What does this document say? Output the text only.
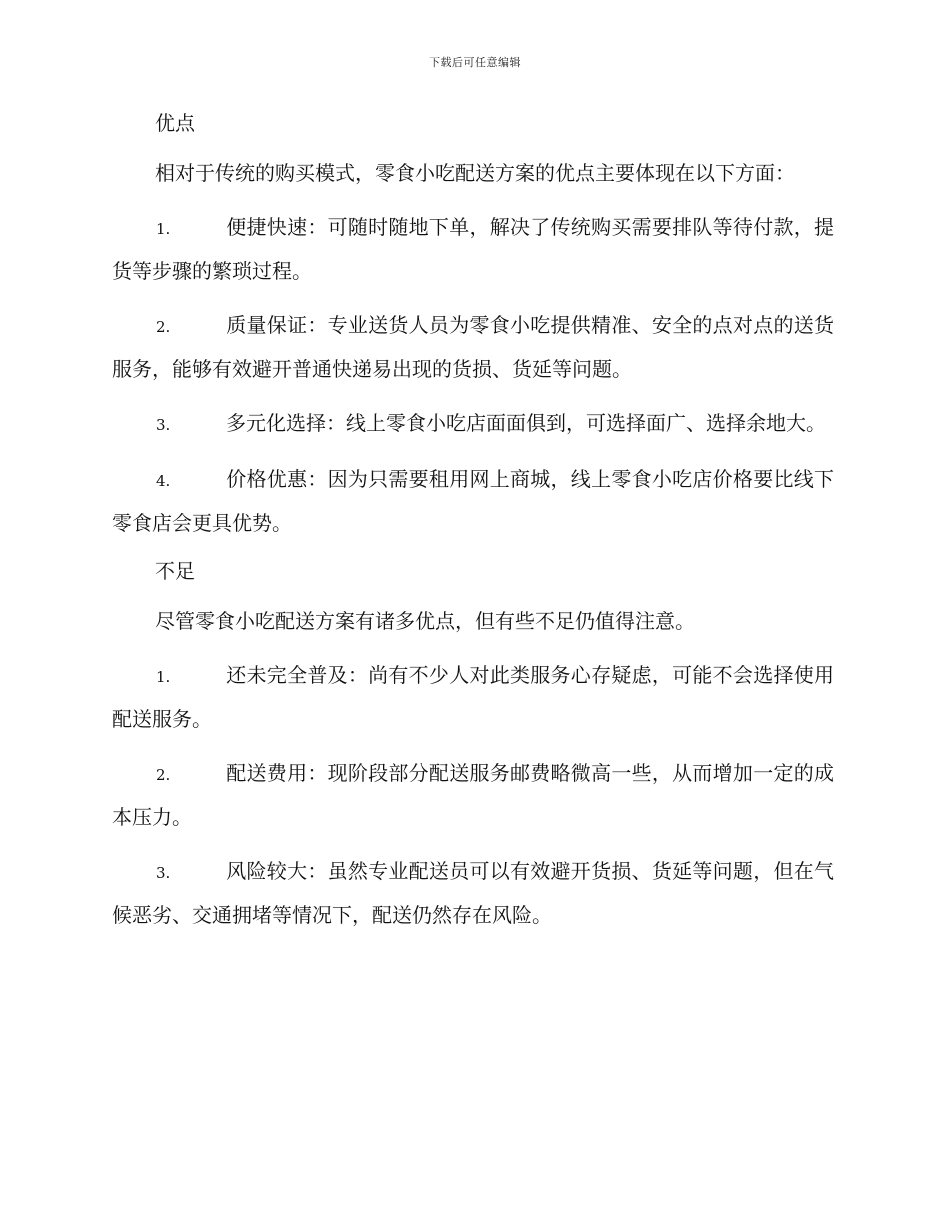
下载后可任意编辑
优点
相对于传统的购买模式，零食小吃配送方案的优点主要体现在以下方面：
1.	便捷快速：可随时随地下单，解决了传统购买需要排队等待付款，提货等步骤的繁琐过程。
2.	质量保证：专业送货人员为零食小吃提供精准、安全的点对点的送货服务，能够有效避开普通快递易出现的货损、货延等问题。
3.	多元化选择：线上零食小吃店面面俱到，可选择面广、选择余地大。
4.	价格优惠：因为只需要租用网上商城，线上零食小吃店价格要比线下零食店会更具优势。
不足
尽管零食小吃配送方案有诸多优点，但有些不足仍值得注意。
1.	还未完全普及：尚有不少人对此类服务心存疑虑，可能不会选择使用配送服务。
2.	配送费用：现阶段部分配送服务邮费略微高一些，从而增加一定的成本压力。
3.	风险较大：虽然专业配送员可以有效避开货损、货延等问题，但在气候恶劣、交通拥堵等情况下，配送仍然存在风险。
